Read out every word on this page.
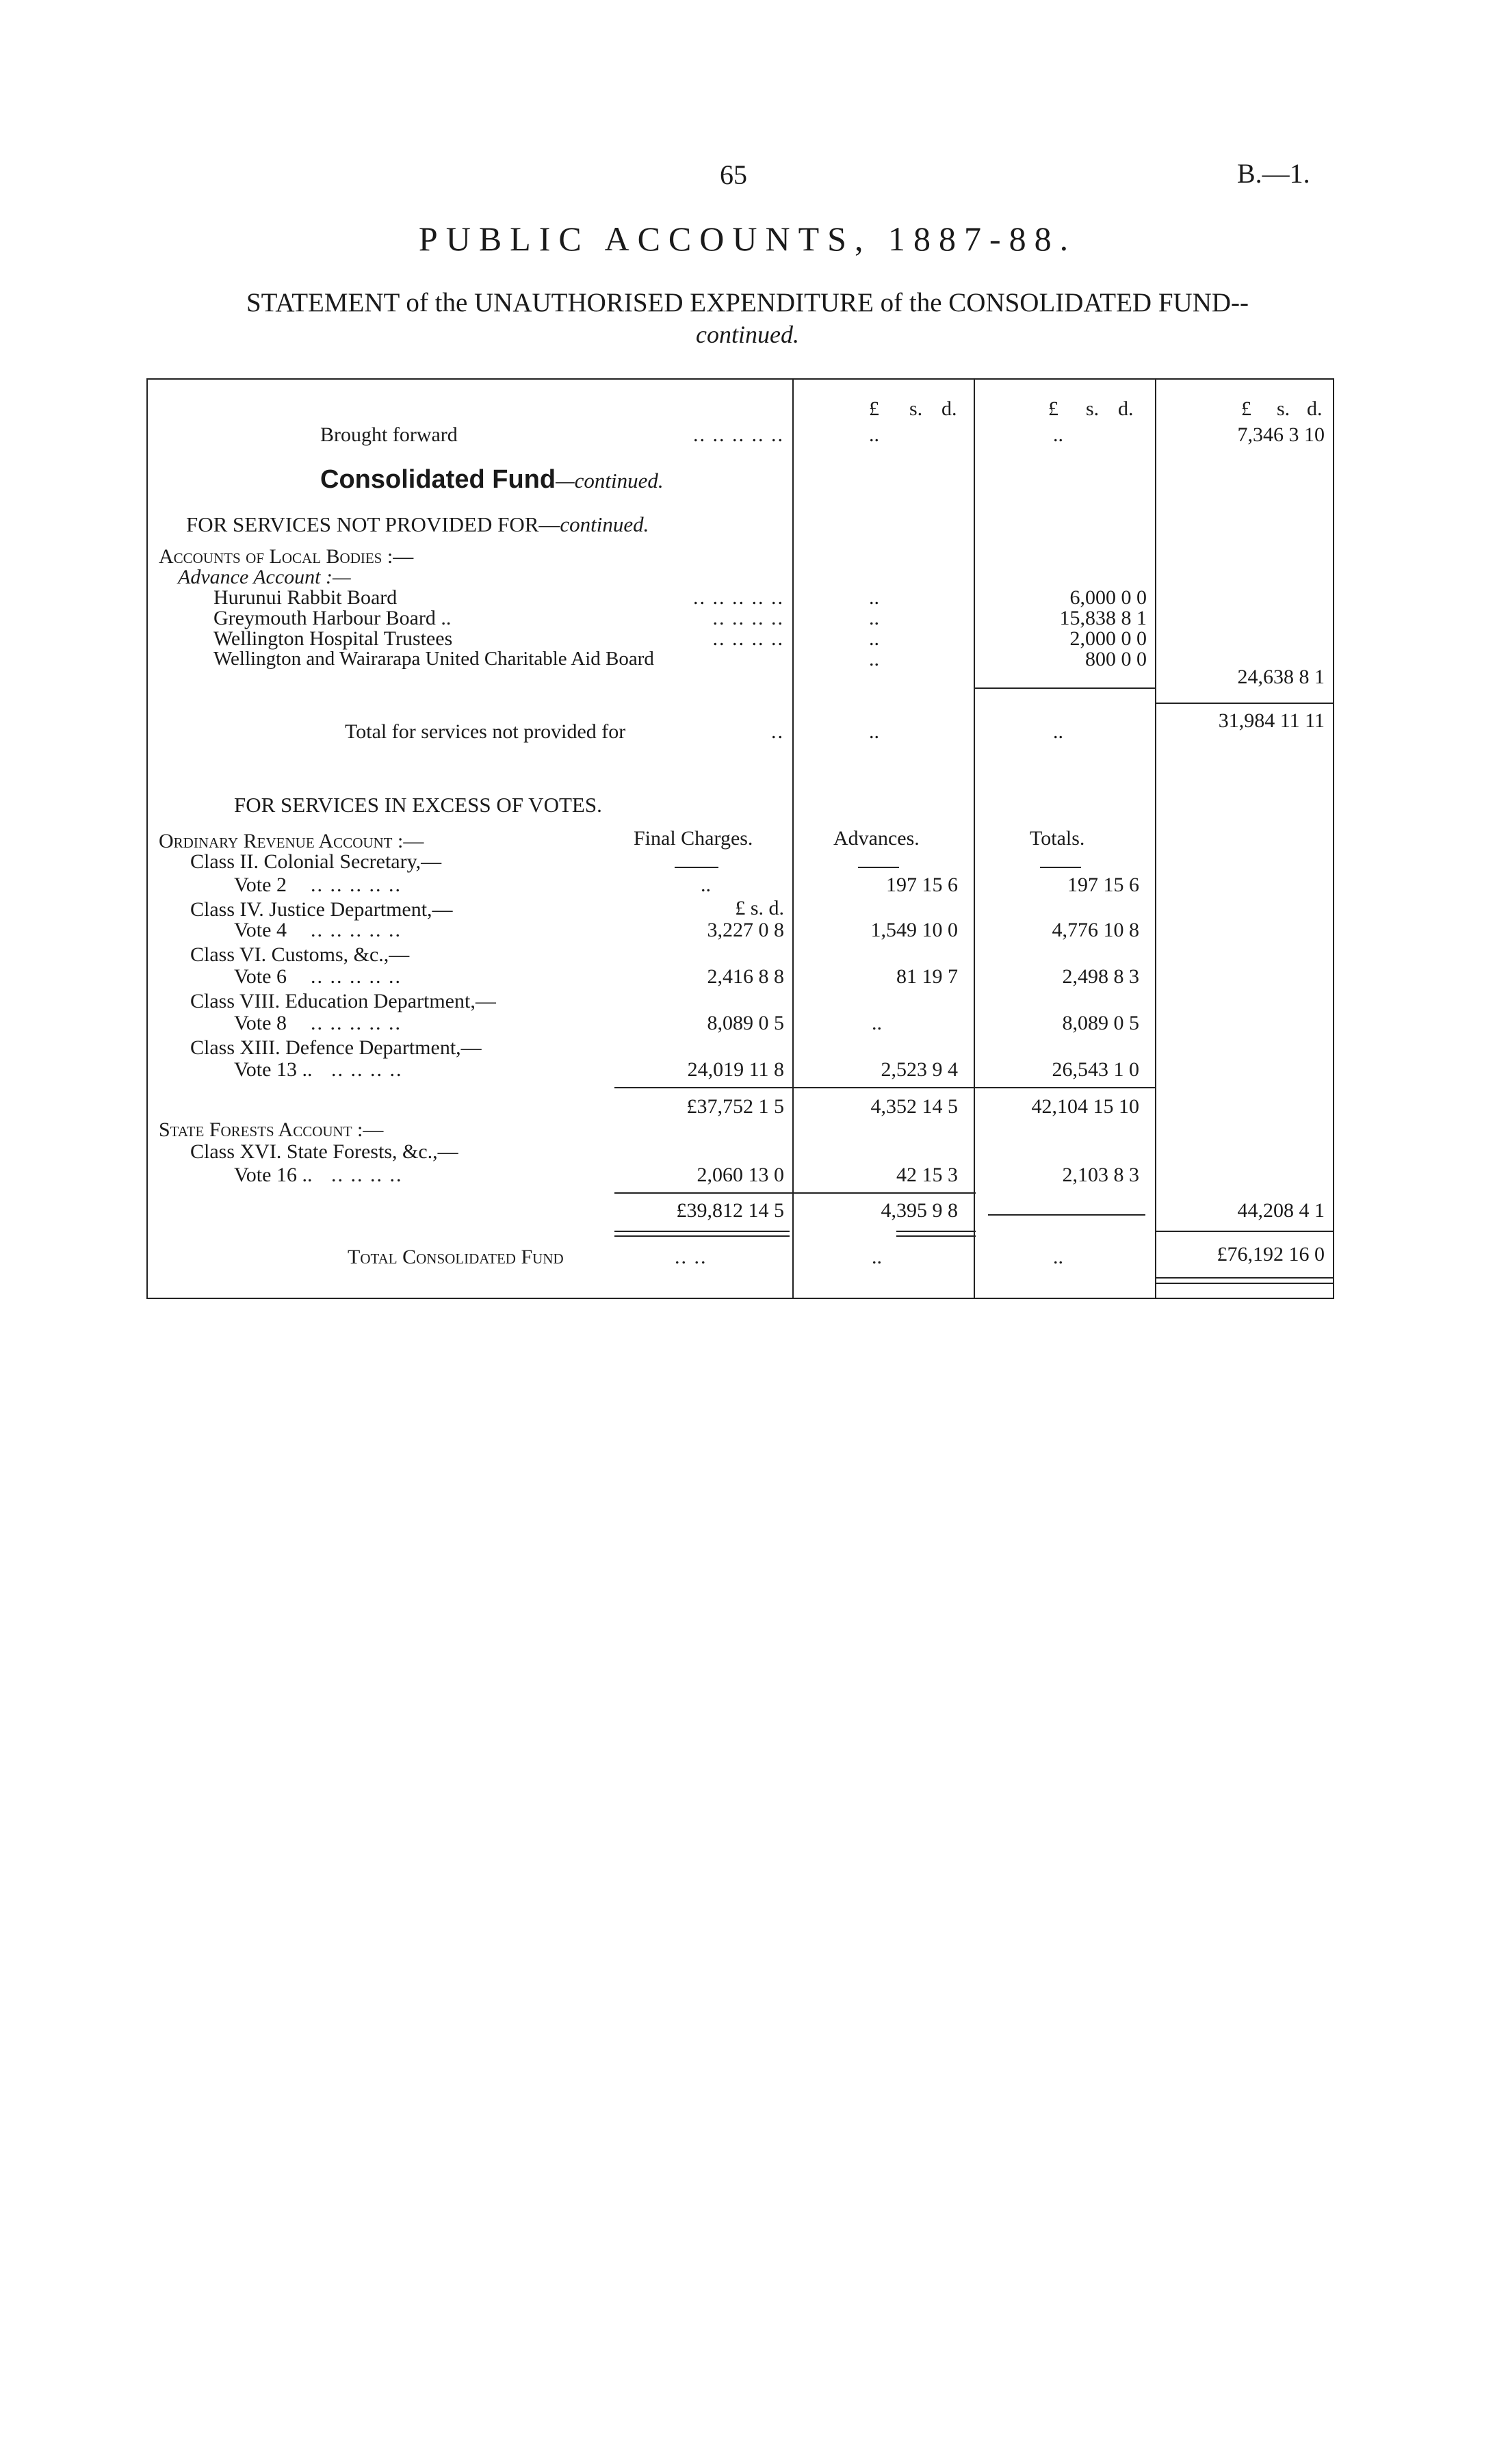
65	B.—1.
PUBLIC ACCOUNTS, 1887-88.
STATEMENT of the UNAUTHORISED EXPENDITURE of the CONSOLIDATED FUND--
continued.
£ s. d.	£ s. d.	£ s. d.
Brought forward	.. .. .. .. ..	..	..	7,346 3 10
Consolidated Fund—continued.
FOR SERVICES NOT PROVIDED FOR—continued.
Accounts of Local Bodies :—
Advance Account :—
Hurunui Rabbit Board	.. .. .. .. ..	..	6,000 0 0
Greymouth Harbour Board ..	.. .. .. ..	..	15,838 8 1
Wellington Hospital Trustees	.. .. .. ..	..	2,000 0 0
Wellington and Wairarapa United Charitable Aid Board	..	800 0 0
24,638 8 1
Total for services not provided for	..	..	..	31,984 11 11
FOR SERVICES IN EXCESS OF VOTES.
Ordinary Revenue Account :—	Final Charges.	Advances.	Totals.
Class II. Colonial Secretary,—
Vote 2 .. .. .. .. ..	..	197 15 6	197 15 6
Class IV. Justice Department,—	£ s. d.
Vote 4 .. .. .. .. ..	3,227 0 8	1,549 10 0	4,776 10 8
Class VI. Customs, &c.,—
Vote 6 .. .. .. .. ..	2,416 8 8	81 19 7	2,498 8 3
Class VIII. Education Department,—
Vote 8 .. .. .. .. ..	8,089 0 5	..	8,089 0 5
Class XIII. Defence Department,—
Vote 13 .. .. .. .. ..	24,019 11 8	2,523 9 4	26,543 1 0
£37,752 1 5	4,352 14 5	42,104 15 10
State Forests Account :—
Class XVI. State Forests, &c.,—
Vote 16 .. .. .. .. ..	2,060 13 0	42 15 3	2,103 8 3
£39,812 14 5	4,395 9 8	44,208 4 1
Total Consolidated Fund	.. ..	..	..	£76,192 16 0
